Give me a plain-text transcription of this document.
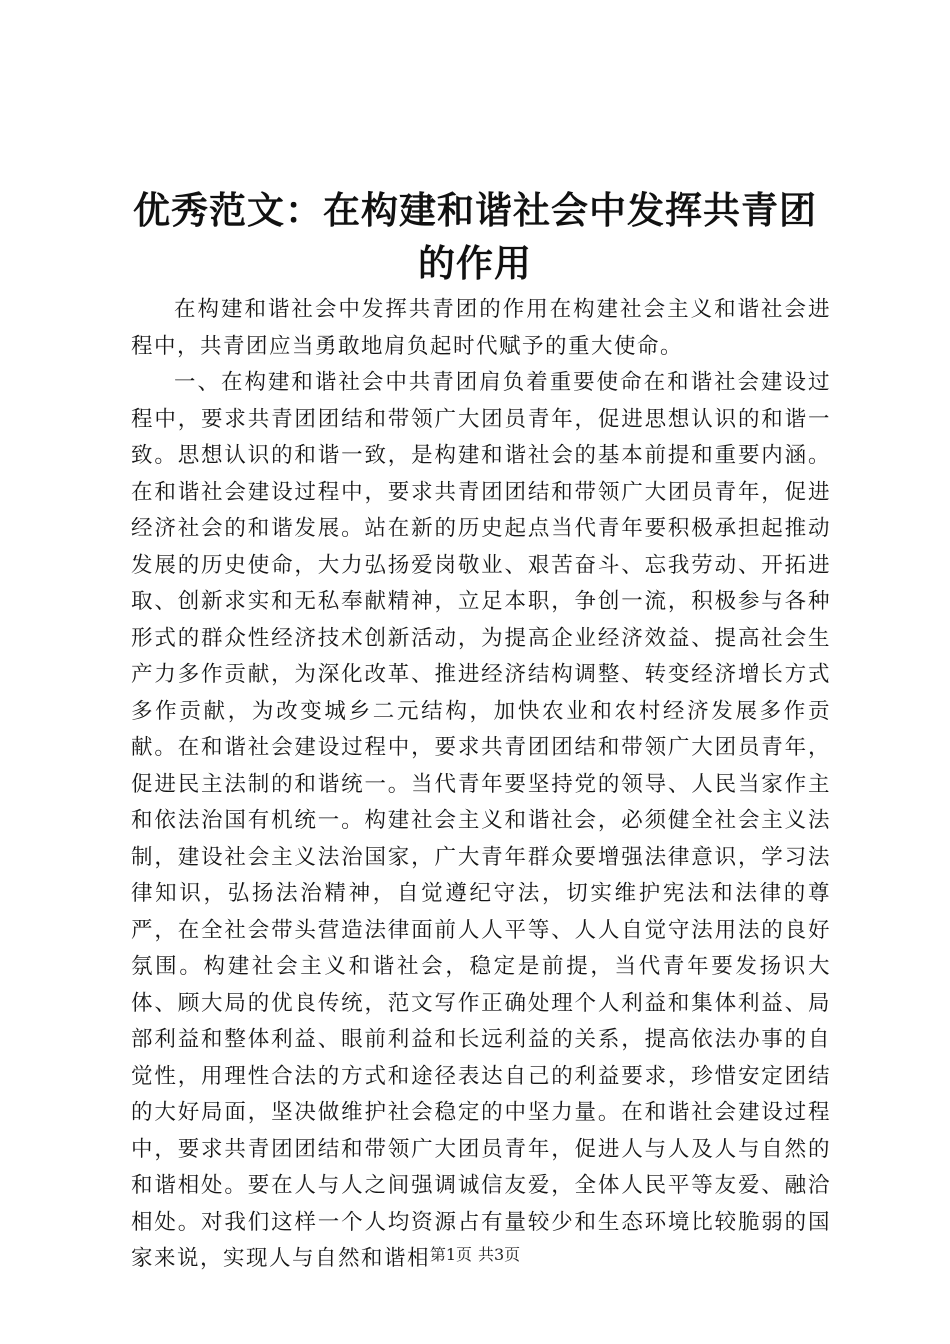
优秀范文：在构建和谐社会中发挥共青团的作用

在构建和谐社会中发挥共青团的作用在构建社会主义和谐社会进程中，共青团应当勇敢地肩负起时代赋予的重大使命。

一、在构建和谐社会中共青团肩负着重要使命在和谐社会建设过程中，要求共青团团结和带领广大团员青年，促进思想认识的和谐一致。思想认识的和谐一致，是构建和谐社会的基本前提和重要内涵。在和谐社会建设过程中，要求共青团团结和带领广大团员青年，促进经济社会的和谐发展。站在新的历史起点当代青年要积极承担起推动发展的历史使命，大力弘扬爱岗敬业、艰苦奋斗、忘我劳动、开拓进取、创新求实和无私奉献精神，立足本职，争创一流，积极参与各种形式的群众性经济技术创新活动，为提高企业经济效益、提高社会生产力多作贡献，为深化改革、推进经济结构调整、转变经济增长方式多作贡献，为改变城乡二元结构，加快农业和农村经济发展多作贡献。在和谐社会建设过程中，要求共青团团结和带领广大团员青年，促进民主法制的和谐统一。当代青年要坚持党的领导、人民当家作主和依法治国有机统一。构建社会主义和谐社会，必须健全社会主义法制，建设社会主义法治国家，广大青年群众要增强法律意识，学习法律知识，弘扬法治精神，自觉遵纪守法，切实维护宪法和法律的尊严，在全社会带头营造法律面前人人平等、人人自觉守法用法的良好氛围。构建社会主义和谐社会，稳定是前提，当代青年要发扬识大体、顾大局的优良传统，范文写作正确处理个人利益和集体利益、局部利益和整体利益、眼前利益和长远利益的关系，提高依法办事的自觉性，用理性合法的方式和途径表达自己的利益要求，珍惜安定团结的大好局面，坚决做维护社会稳定的中坚力量。在和谐社会建设过程中，要求共青团团结和带领广大团员青年，促进人与人及人与自然的和谐相处。要在人与人之间强调诚信友爱，全体人民平等友爱、融洽相处。对我们这样一个人均资源占有量较少和生态环境比较脆弱的国家来说，实现人与自然和谐相 第1页 共3页
